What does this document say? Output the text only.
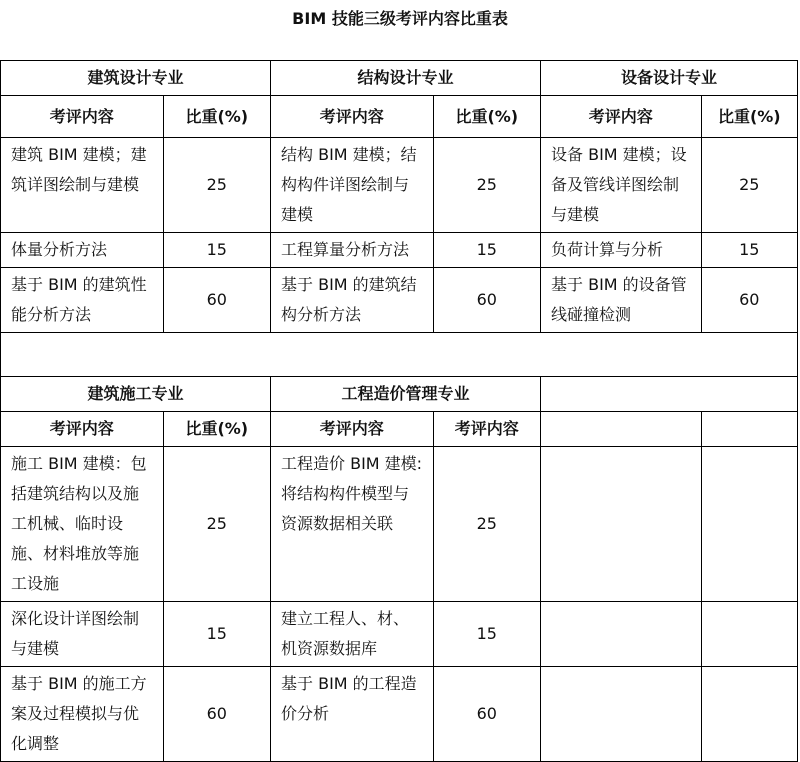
BIM 技能三级考评内容比重表
建筑设计专业		结构设计专业		设备设计专业	
考评内容	比重(%)	考评内容	比重(%)	考评内容	比重(%)
建筑 BIM 建模；建筑详图绘制与建模	25	结构 BIM 建模；结构构件详图绘制与建模	25	设备 BIM 建模；设备及管线详图绘制与建模	25
体量分析方法	15	工程算量分析方法	15	负荷计算与分析	15
基于 BIM 的建筑性能分析方法	60	基于 BIM 的建筑结构分析方法	60	基于 BIM 的设备管线碰撞检测	60

建筑施工专业		工程造价管理专业			
考评内容	比重(%)	考评内容	考评内容		
施工 BIM 建模：包括建筑结构以及施工机械、临时设施、材料堆放等施工设施	25	工程造价 BIM 建模:将结构构件模型与资源数据相关联	25		
深化设计详图绘制与建模	15	建立工程人、材、机资源数据库	15		
基于 BIM 的施工方案及过程模拟与优化调整	60	基于 BIM 的工程造价分析	60		
